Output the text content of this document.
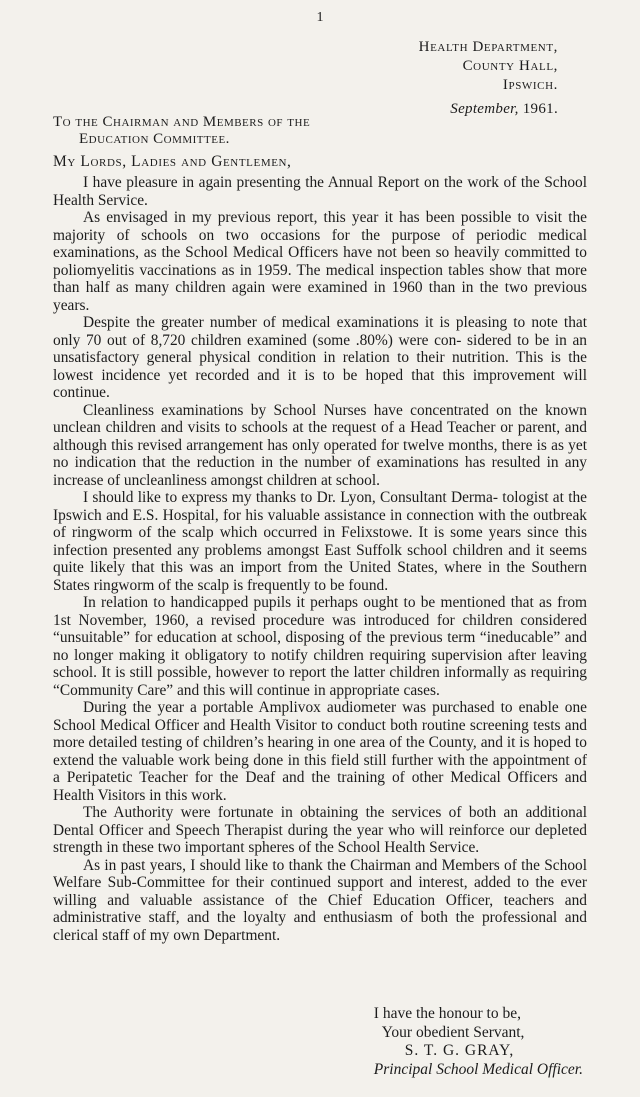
1
Health Department,
County Hall,
Ipswich.
September, 1961.
To the Chairman and Members of the
Education Committee.
My Lords, Ladies and Gentlemen,

I have pleasure in again presenting the Annual Report on the work of the School Health Service.

As envisaged in my previous report, this year it has been possible to visit the majority of schools on two occasions for the purpose of periodic medical examinations, as the School Medical Officers have not been so heavily committed to poliomyelitis vaccinations as in 1959. The medical inspection tables show that more than half as many children again were examined in 1960 than in the two previous years.

Despite the greater number of medical examinations it is pleasing to note that only 70 out of 8,720 children examined (some .80%) were con- sidered to be in an unsatisfactory general physical condition in relation to their nutrition. This is the lowest incidence yet recorded and it is to be hoped that this improvement will continue.

Cleanliness examinations by School Nurses have concentrated on the known unclean children and visits to schools at the request of a Head Teacher or parent, and although this revised arrangement has only operated for twelve months, there is as yet no indication that the reduction in the number of examinations has resulted in any increase of uncleanliness amongst children at school.

I should like to express my thanks to Dr. Lyon, Consultant Derma- tologist at the Ipswich and E.S. Hospital, for his valuable assistance in connection with the outbreak of ringworm of the scalp which occurred in Felixstowe. It is some years since this infection presented any problems amongst East Suffolk school children and it seems quite likely that this was an import from the United States, where in the Southern States ringworm of the scalp is frequently to be found.

In relation to handicapped pupils it perhaps ought to be mentioned that as from 1st November, 1960, a revised procedure was introduced for children considered “unsuitable” for education at school, disposing of the previous term “ineducable” and no longer making it obligatory to notify children requiring supervision after leaving school. It is still possible, however to report the latter children informally as requiring “Community Care” and this will continue in appropriate cases.

During the year a portable Amplivox audiometer was purchased to enable one School Medical Officer and Health Visitor to conduct both routine screening tests and more detailed testing of children’s hearing in one area of the County, and it is hoped to extend the valuable work being done in this field still further with the appointment of a Peripatetic Teacher for the Deaf and the training of other Medical Officers and Health Visitors in this work.

The Authority were fortunate in obtaining the services of both an additional Dental Officer and Speech Therapist during the year who will reinforce our depleted strength in these two important spheres of the School Health Service.

As in past years, I should like to thank the Chairman and Members of the School Welfare Sub-Committee for their continued support and interest, added to the ever willing and valuable assistance of the Chief Education Officer, teachers and administrative staff, and the loyalty and enthusiasm of both the professional and clerical staff of my own Department.

I have the honour to be,
Your obedient Servant,
S. T. G. GRAY,
Principal School Medical Officer.
